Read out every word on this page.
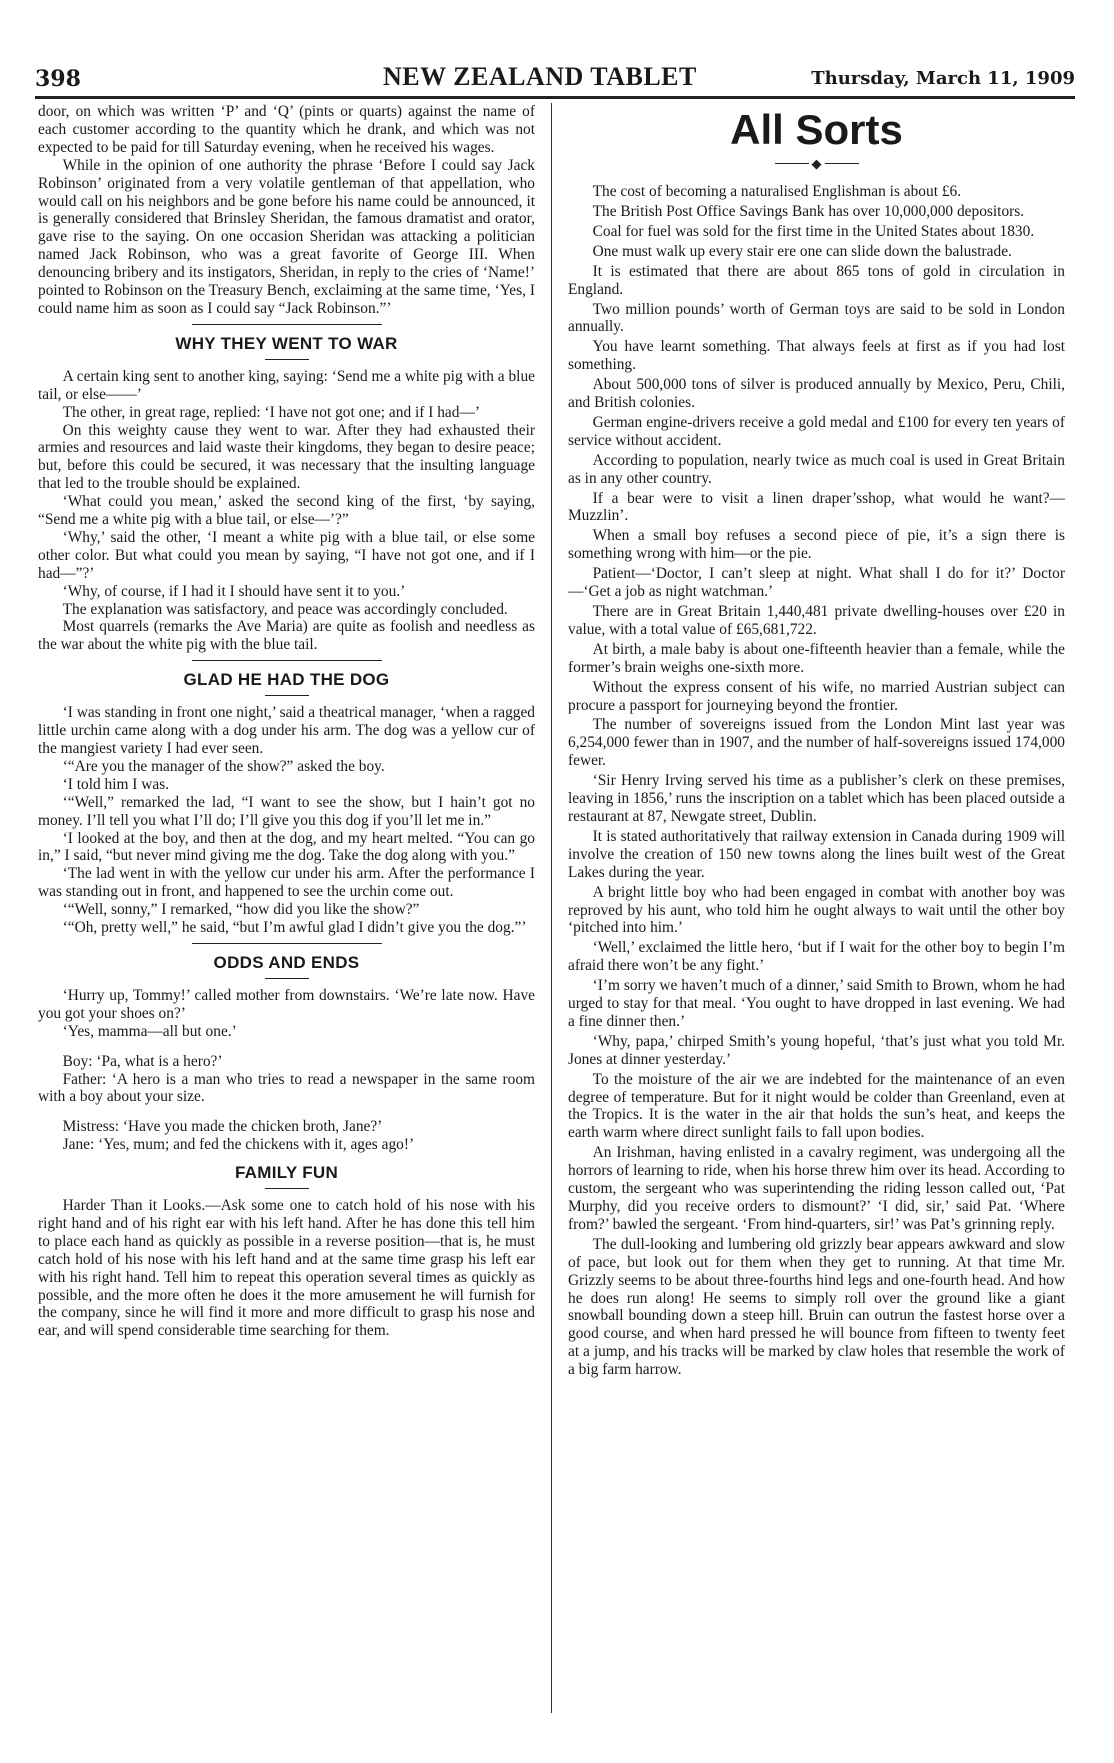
398	NEW ZEALAND TABLET	Thursday, March 11, 1909

door, on which was written ‘P’ and ‘Q’ (pints or quarts) against the name of each customer according to the quantity which he drank, and which was not expected to be paid for till Saturday evening, when he received his wages.

While in the opinion of one authority the phrase ‘Before I could say Jack Robinson’ originated from a very volatile gentleman of that appellation, who would call on his neighbors and be gone before his name could be announced, it is generally considered that Brinsley Sheridan, the famous dramatist and orator, gave rise to the saying. On one occasion Sheridan was attacking a politician named Jack Robinson, who was a great favorite of George III. When denouncing bribery and its instigators, Sheridan, in reply to the cries of ‘Name!’ pointed to Robinson on the Treasury Bench, exclaiming at the same time, ‘Yes, I could name him as soon as I could say “Jack Robinson.”’

WHY THEY WENT TO WAR

A certain king sent to another king, saying: ‘Send me a white pig with a blue tail, or else——’

The other, in great rage, replied: ‘I have not got one; and if I had—’

On this weighty cause they went to war. After they had exhausted their armies and resources and laid waste their kingdoms, they began to desire peace; but, before this could be secured, it was necessary that the insulting language that led to the trouble should be explained.

‘What could you mean,’ asked the second king of the first, ‘by saying, “Send me a white pig with a blue tail, or else—’?”

‘Why,’ said the other, ‘I meant a white pig with a blue tail, or else some other color. But what could you mean by saying, “I have not got one, and if I had—”?’

‘Why, of course, if I had it I should have sent it to you.’

The explanation was satisfactory, and peace was accordingly concluded.

Most quarrels (remarks the Ave Maria) are quite as foolish and needless as the war about the white pig with the blue tail.

GLAD HE HAD THE DOG

‘I was standing in front one night,’ said a theatrical manager, ‘when a ragged little urchin came along with a dog under his arm. The dog was a yellow cur of the mangiest variety I had ever seen.

‘“Are you the manager of the show?” asked the boy.

‘I told him I was.

‘“Well,” remarked the lad, “I want to see the show, but I hain’t got no money. I’ll tell you what I’ll do; I’ll give you this dog if you’ll let me in.”

‘I looked at the boy, and then at the dog, and my heart melted. “You can go in,” I said, “but never mind giving me the dog. Take the dog along with you.”

‘The lad went in with the yellow cur under his arm. After the performance I was standing out in front, and happened to see the urchin come out.

‘“Well, sonny,” I remarked, “how did you like the show?”

‘“Oh, pretty well,” he said, “but I’m awful glad I didn’t give you the dog.”’

ODDS AND ENDS

‘Hurry up, Tommy!’ called mother from downstairs. ‘We’re late now. Have you got your shoes on?’

‘Yes, mamma—all but one.’

Boy: ‘Pa, what is a hero?’

Father: ‘A hero is a man who tries to read a newspaper in the same room with a boy about your size.

Mistress: ‘Have you made the chicken broth, Jane?’

Jane: ‘Yes, mum; and fed the chickens with it, ages ago!’

FAMILY FUN

Harder Than it Looks.—Ask some one to catch hold of his nose with his right hand and of his right ear with his left hand. After he has done this tell him to place each hand as quickly as possible in a reverse position—that is, he must catch hold of his nose with his left hand and at the same time grasp his left ear with his right hand. Tell him to repeat this operation several times as quickly as possible, and the more often he does it the more amusement he will furnish for the company, since he will find it more and more difficult to grasp his nose and ear, and will spend considerable time searching for them.

All Sorts
◆

The cost of becoming a naturalised Englishman is about £6.

The British Post Office Savings Bank has over 10,000,000 depositors.

Coal for fuel was sold for the first time in the United States about 1830.

One must walk up every stair ere one can slide down the balustrade.

It is estimated that there are about 865 tons of gold in circulation in England.

Two million pounds’ worth of German toys are said to be sold in London annually.

You have learnt something. That always feels at first as if you had lost something.

About 500,000 tons of silver is produced annually by Mexico, Peru, Chili, and British colonies.

German engine-drivers receive a gold medal and £100 for every ten years of service without accident.

According to population, nearly twice as much coal is used in Great Britain as in any other country.

If a bear were to visit a linen draper’sshop, what would he want?—Muzzlin’.

When a small boy refuses a second piece of pie, it’s a sign there is something wrong with him—or the pie.

Patient—‘Doctor, I can’t sleep at night. What shall I do for it?’ Doctor—‘Get a job as night watchman.’

There are in Great Britain 1,440,481 private dwelling-houses over £20 in value, with a total value of £65,681,722.

At birth, a male baby is about one-fifteenth heavier than a female, while the former’s brain weighs one-sixth more.

Without the express consent of his wife, no married Austrian subject can procure a passport for journeying beyond the frontier.

The number of sovereigns issued from the London Mint last year was 6,254,000 fewer than in 1907, and the number of half-sovereigns issued 174,000 fewer.

‘Sir Henry Irving served his time as a publisher’s clerk on these premises, leaving in 1856,’ runs the inscription on a tablet which has been placed outside a restaurant at 87, Newgate street, Dublin.

It is stated authoritatively that railway extension in Canada during 1909 will involve the creation of 150 new towns along the lines built west of the Great Lakes during the year.

A bright little boy who had been engaged in combat with another boy was reproved by his aunt, who told him he ought always to wait until the other boy ‘pitched into him.’

‘Well,’ exclaimed the little hero, ‘but if I wait for the other boy to begin I’m afraid there won’t be any fight.’

‘I’m sorry we haven’t much of a dinner,’ said Smith to Brown, whom he had urged to stay for that meal. ‘You ought to have dropped in last evening. We had a fine dinner then.’

‘Why, papa,’ chirped Smith’s young hopeful, ‘that’s just what you told Mr. Jones at dinner yesterday.’

To the moisture of the air we are indebted for the maintenance of an even degree of temperature. But for it night would be colder than Greenland, even at the Tropics. It is the water in the air that holds the sun’s heat, and keeps the earth warm where direct sunlight fails to fall upon bodies.

An Irishman, having enlisted in a cavalry regiment, was undergoing all the horrors of learning to ride, when his horse threw him over its head. According to custom, the sergeant who was superintending the riding lesson called out, ‘Pat Murphy, did you receive orders to dismount?’ ‘I did, sir,’ said Pat. ‘Where from?’ bawled the sergeant. ‘From hind-quarters, sir!’ was Pat’s grinning reply.

The dull-looking and lumbering old grizzly bear appears awkward and slow of pace, but look out for them when they get to running. At that time Mr. Grizzly seems to be about three-fourths hind legs and one-fourth head. And how he does run along! He seems to simply roll over the ground like a giant snowball bounding down a steep hill. Bruin can outrun the fastest horse over a good course, and when hard pressed he will bounce from fifteen to twenty feet at a jump, and his tracks will be marked by claw holes that resemble the work of a big farm harrow.
